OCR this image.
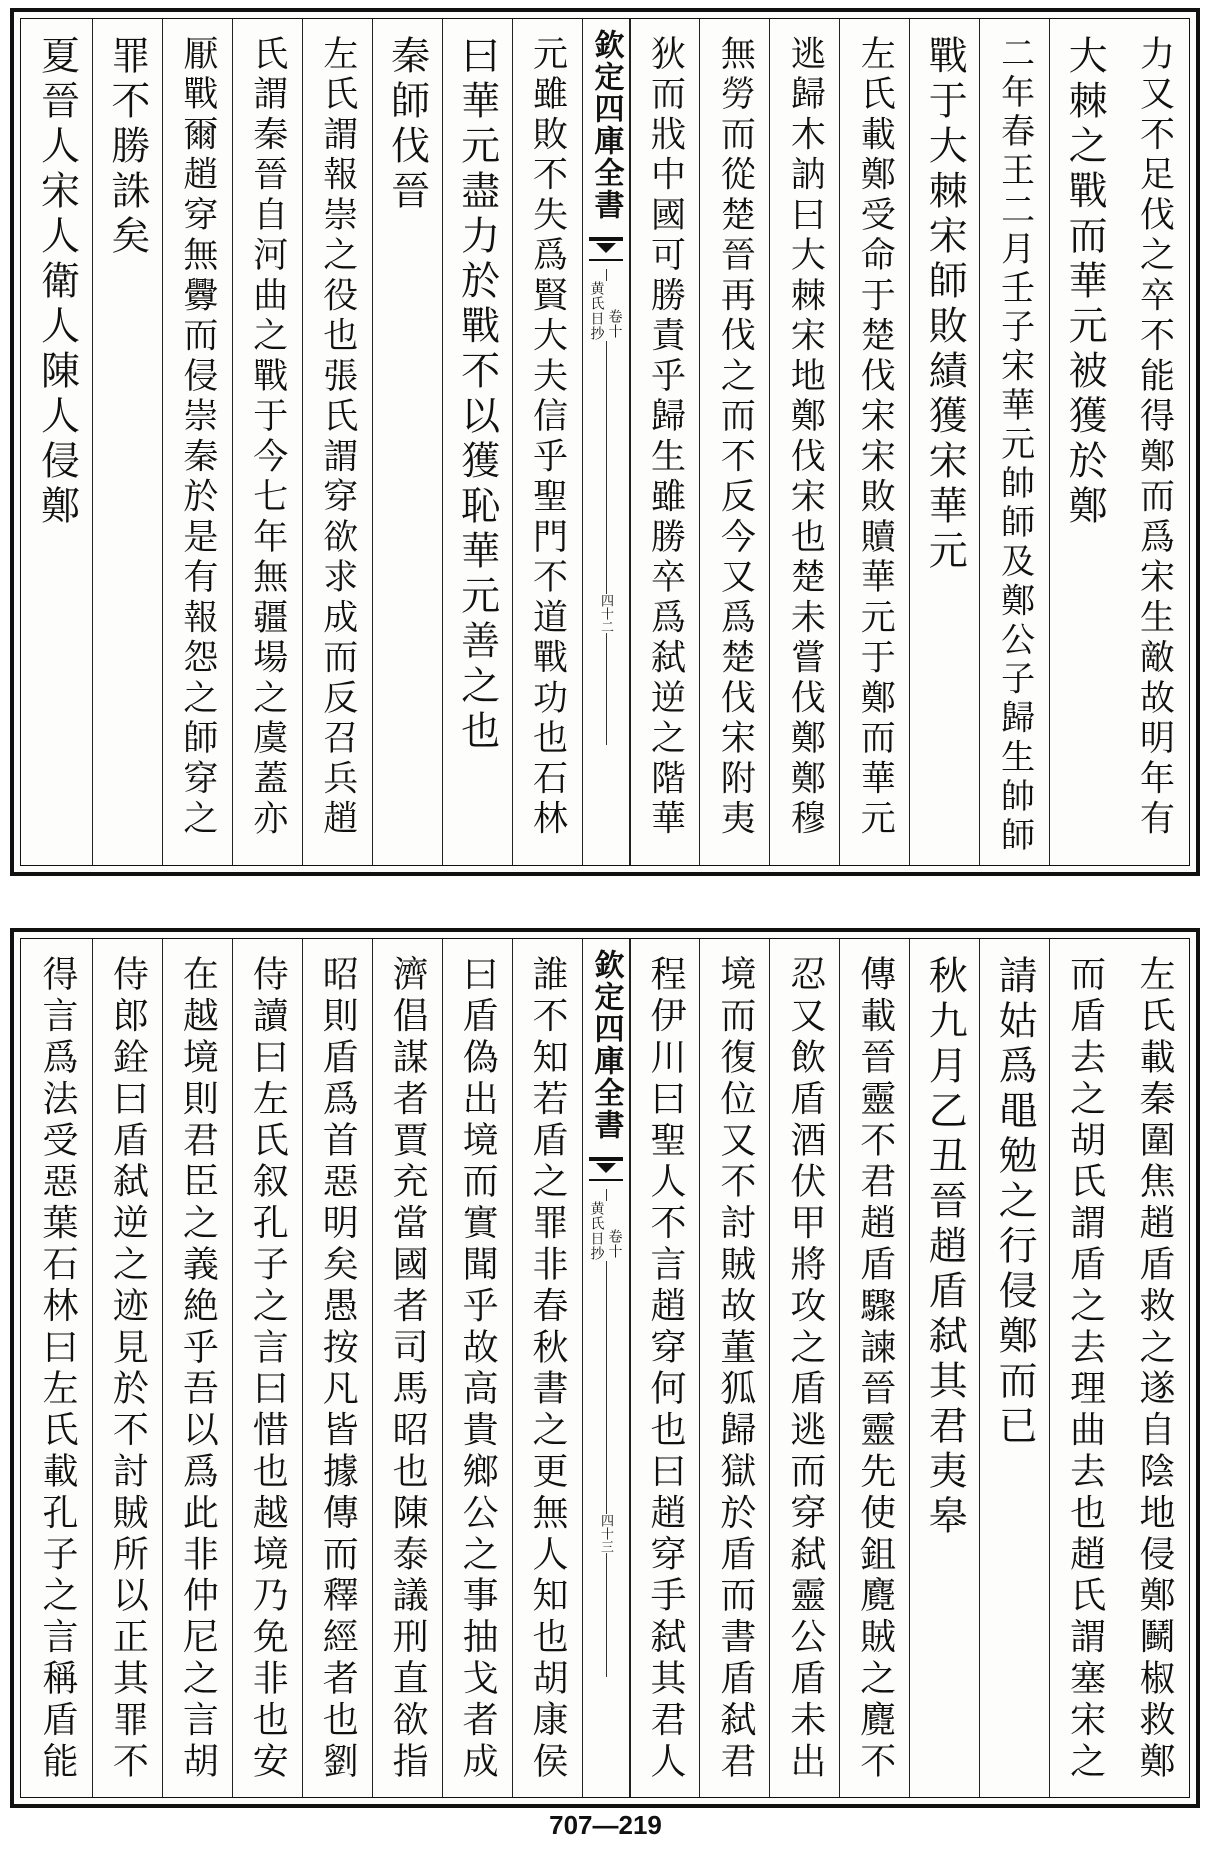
力又不足伐之卒不能得鄭而爲宋生敵故明年有
大棘之戰而華元被獲於鄭
二年春王二月壬子宋華元帥師及鄭公子歸生帥師
戰于大棘宋師敗績獲宋華元
左氏載鄭受命于楚伐宋宋敗贖華元于鄭而華元
逃歸木訥曰大棘宋地鄭伐宋也楚未嘗伐鄭鄭穆
無勞而從楚晉再伐之而不反今又爲楚伐宋附夷
狄而戕中國可勝責乎歸生雖勝卒爲弑逆之階華
欽定四庫全書
黄氏日抄 卷十
四十二
元雖敗不失爲賢大夫信乎聖門不道戰功也石林
曰華元盡力於戰不以獲恥華元善之也
秦師伐晉
左氏謂報崇之役也張氏謂穿欲求成而反召兵趙
氏謂秦晉自河曲之戰于今七年無疆場之虞蓋亦
厭戰爾趙穿無釁而侵崇秦於是有報怨之師穿之
罪不勝誅矣
夏晉人宋人衛人陳人侵鄭
左氏載秦圍焦趙盾救之遂自陰地侵鄭鬭椒救鄭
而盾去之胡氏謂盾之去理曲去也趙氏謂塞宋之
請姑爲黽勉之行侵鄭而已
秋九月乙丑晉趙盾弑其君夷皋
傳載晉靈不君趙盾驟諫晉靈先使鉏麑賊之麑不
忍又飲盾酒伏甲將攻之盾逃而穿弑靈公盾未出
境而復位又不討賊故董狐歸獄於盾而書盾弑君
程伊川曰聖人不言趙穿何也曰趙穿手弑其君人
欽定四庫全書
黄氏日抄 卷十
四十三
誰不知若盾之罪非春秋書之更無人知也胡康侯
曰盾偽出境而實聞乎故高貴鄉公之事抽戈者成
濟倡謀者賈充當國者司馬昭也陳泰議刑直欲指
昭則盾爲首惡明矣愚按凡皆據傳而釋經者也劉
侍讀曰左氏叙孔子之言曰惜也越境乃免非也安
在越境則君臣之義絶乎吾以爲此非仲尼之言胡
侍郎銓曰盾弑逆之迹見於不討賊所以正其罪不
得言爲法受惡葉石林曰左氏載孔子之言稱盾能
707—219
